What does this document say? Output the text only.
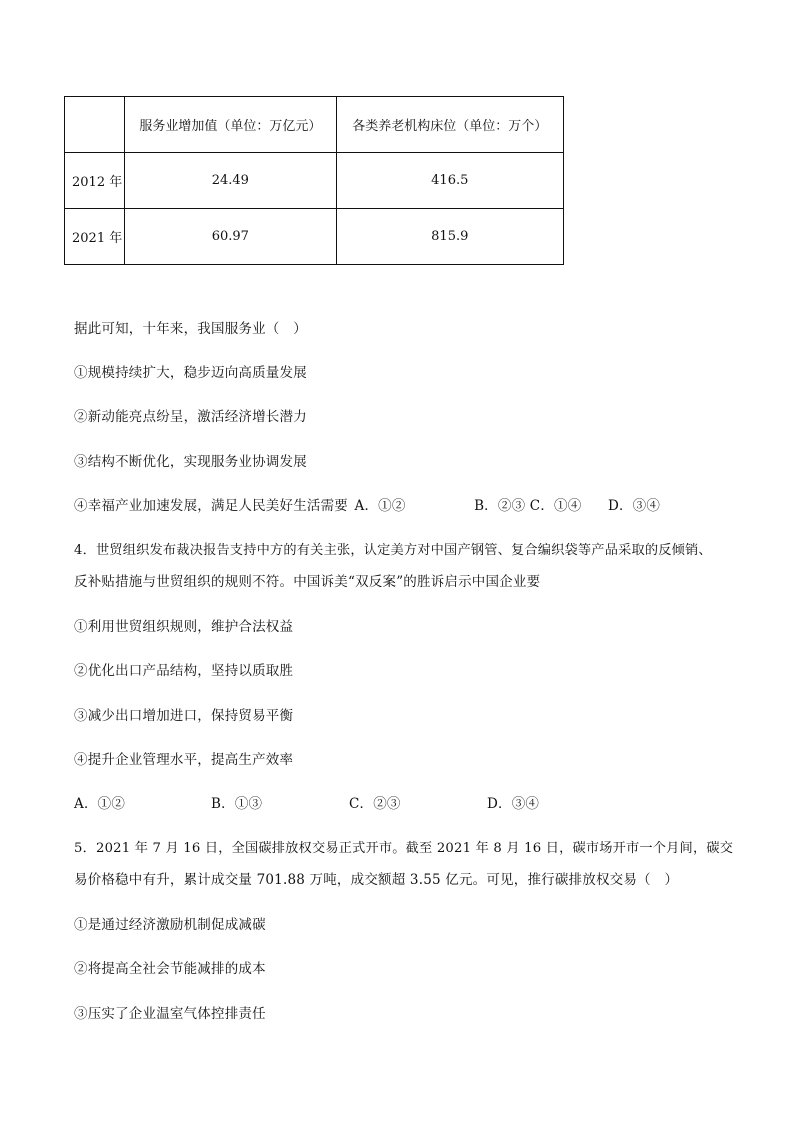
	服务业增加值（单位：万亿元）	各类养老机构床位（单位：万个）
2012 年	24.49	416.5
2021 年	60.97	815.9
据此可知，十年来，我国服务业（　）
①规模持续扩大，稳步迈向高质量发展
②新动能亮点纷呈，激活经济增长潜力
③结构不断优化，实现服务业协调发展
④幸福产业加速发展，满足人民美好生活需要 A．①②	B．②③ C．①④ D．③④
4．世贸组织发布裁决报告支持中方的有关主张，认定美方对中国产钢管、复合编织袋等产品采取的反倾销、
反补贴措施与世贸组织的规则不符。中国诉美“双反案”的胜诉启示中国企业要
①利用世贸组织规则，维护合法权益
②优化出口产品结构，坚持以质取胜
③减少出口增加进口，保持贸易平衡
④提升企业管理水平，提高生产效率
A．①②	B．①③	C．②③	D．③④
5．2021 年 7 月 16 日，全国碳排放权交易正式开市。截至 2021 年 8 月 16 日，碳市场开市一个月间，碳交
易价格稳中有升，累计成交量 701.88 万吨，成交额超 3.55 亿元。可见，推行碳排放权交易（　）
①是通过经济激励机制促成减碳
②将提高全社会节能减排的成本
③压实了企业温室气体控排责任
